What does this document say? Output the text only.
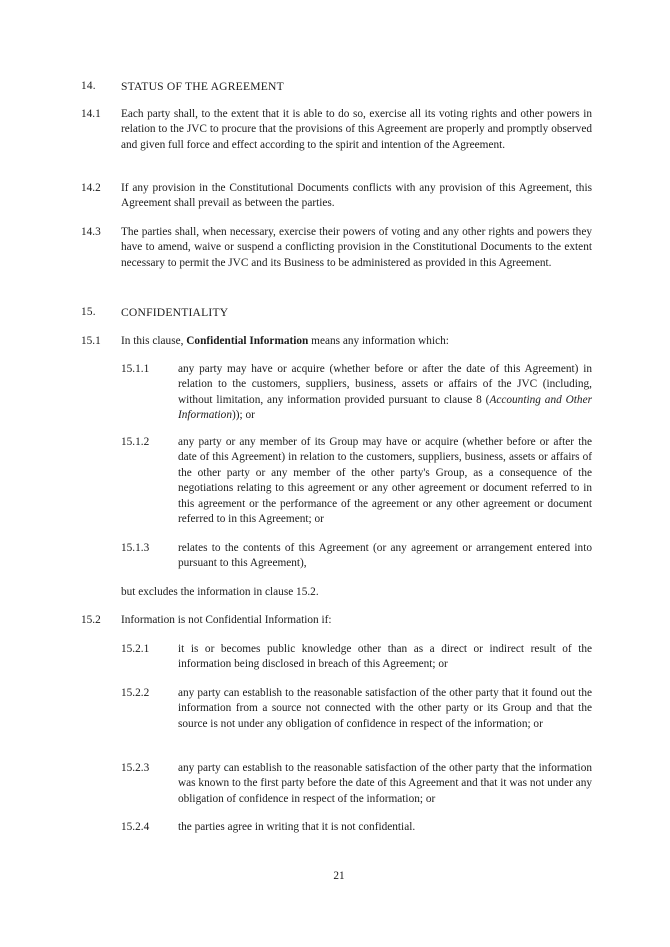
14. STATUS OF THE AGREEMENT
14.1 Each party shall, to the extent that it is able to do so, exercise all its voting rights and other powers in relation to the JVC to procure that the provisions of this Agreement are properly and promptly observed and given full force and effect according to the spirit and intention of the Agreement.
14.2 If any provision in the Constitutional Documents conflicts with any provision of this Agreement, this Agreement shall prevail as between the parties.
14.3 The parties shall, when necessary, exercise their powers of voting and any other rights and powers they have to amend, waive or suspend a conflicting provision in the Constitutional Documents to the extent necessary to permit the JVC and its Business to be administered as provided in this Agreement.
15. CONFIDENTIALITY
15.1 In this clause, Confidential Information means any information which:
15.1.1	any party may have or acquire (whether before or after the date of this Agreement) in relation to the customers, suppliers, business, assets or affairs of the JVC (including, without limitation, any information provided pursuant to clause 8 (Accounting and Other Information)); or
15.1.2	any party or any member of its Group may have or acquire (whether before or after the date of this Agreement) in relation to the customers, suppliers, business, assets or affairs of the other party or any member of the other party's Group, as a consequence of the negotiations relating to this agreement or any other agreement or document referred to in this agreement or the performance of the agreement or any other agreement or document referred to in this Agreement; or
15.1.3	relates to the contents of this Agreement (or any agreement or arrangement entered into pursuant to this Agreement),
but excludes the information in clause 15.2.
15.2 Information is not Confidential Information if:
15.2.1	it is or becomes public knowledge other than as a direct or indirect result of the information being disclosed in breach of this Agreement; or
15.2.2	any party can establish to the reasonable satisfaction of the other party that it found out the information from a source not connected with the other party or its Group and that the source is not under any obligation of confidence in respect of the information; or
15.2.3	any party can establish to the reasonable satisfaction of the other party that the information was known to the first party before the date of this Agreement and that it was not under any obligation of confidence in respect of the information; or
15.2.4	the parties agree in writing that it is not confidential.
21
